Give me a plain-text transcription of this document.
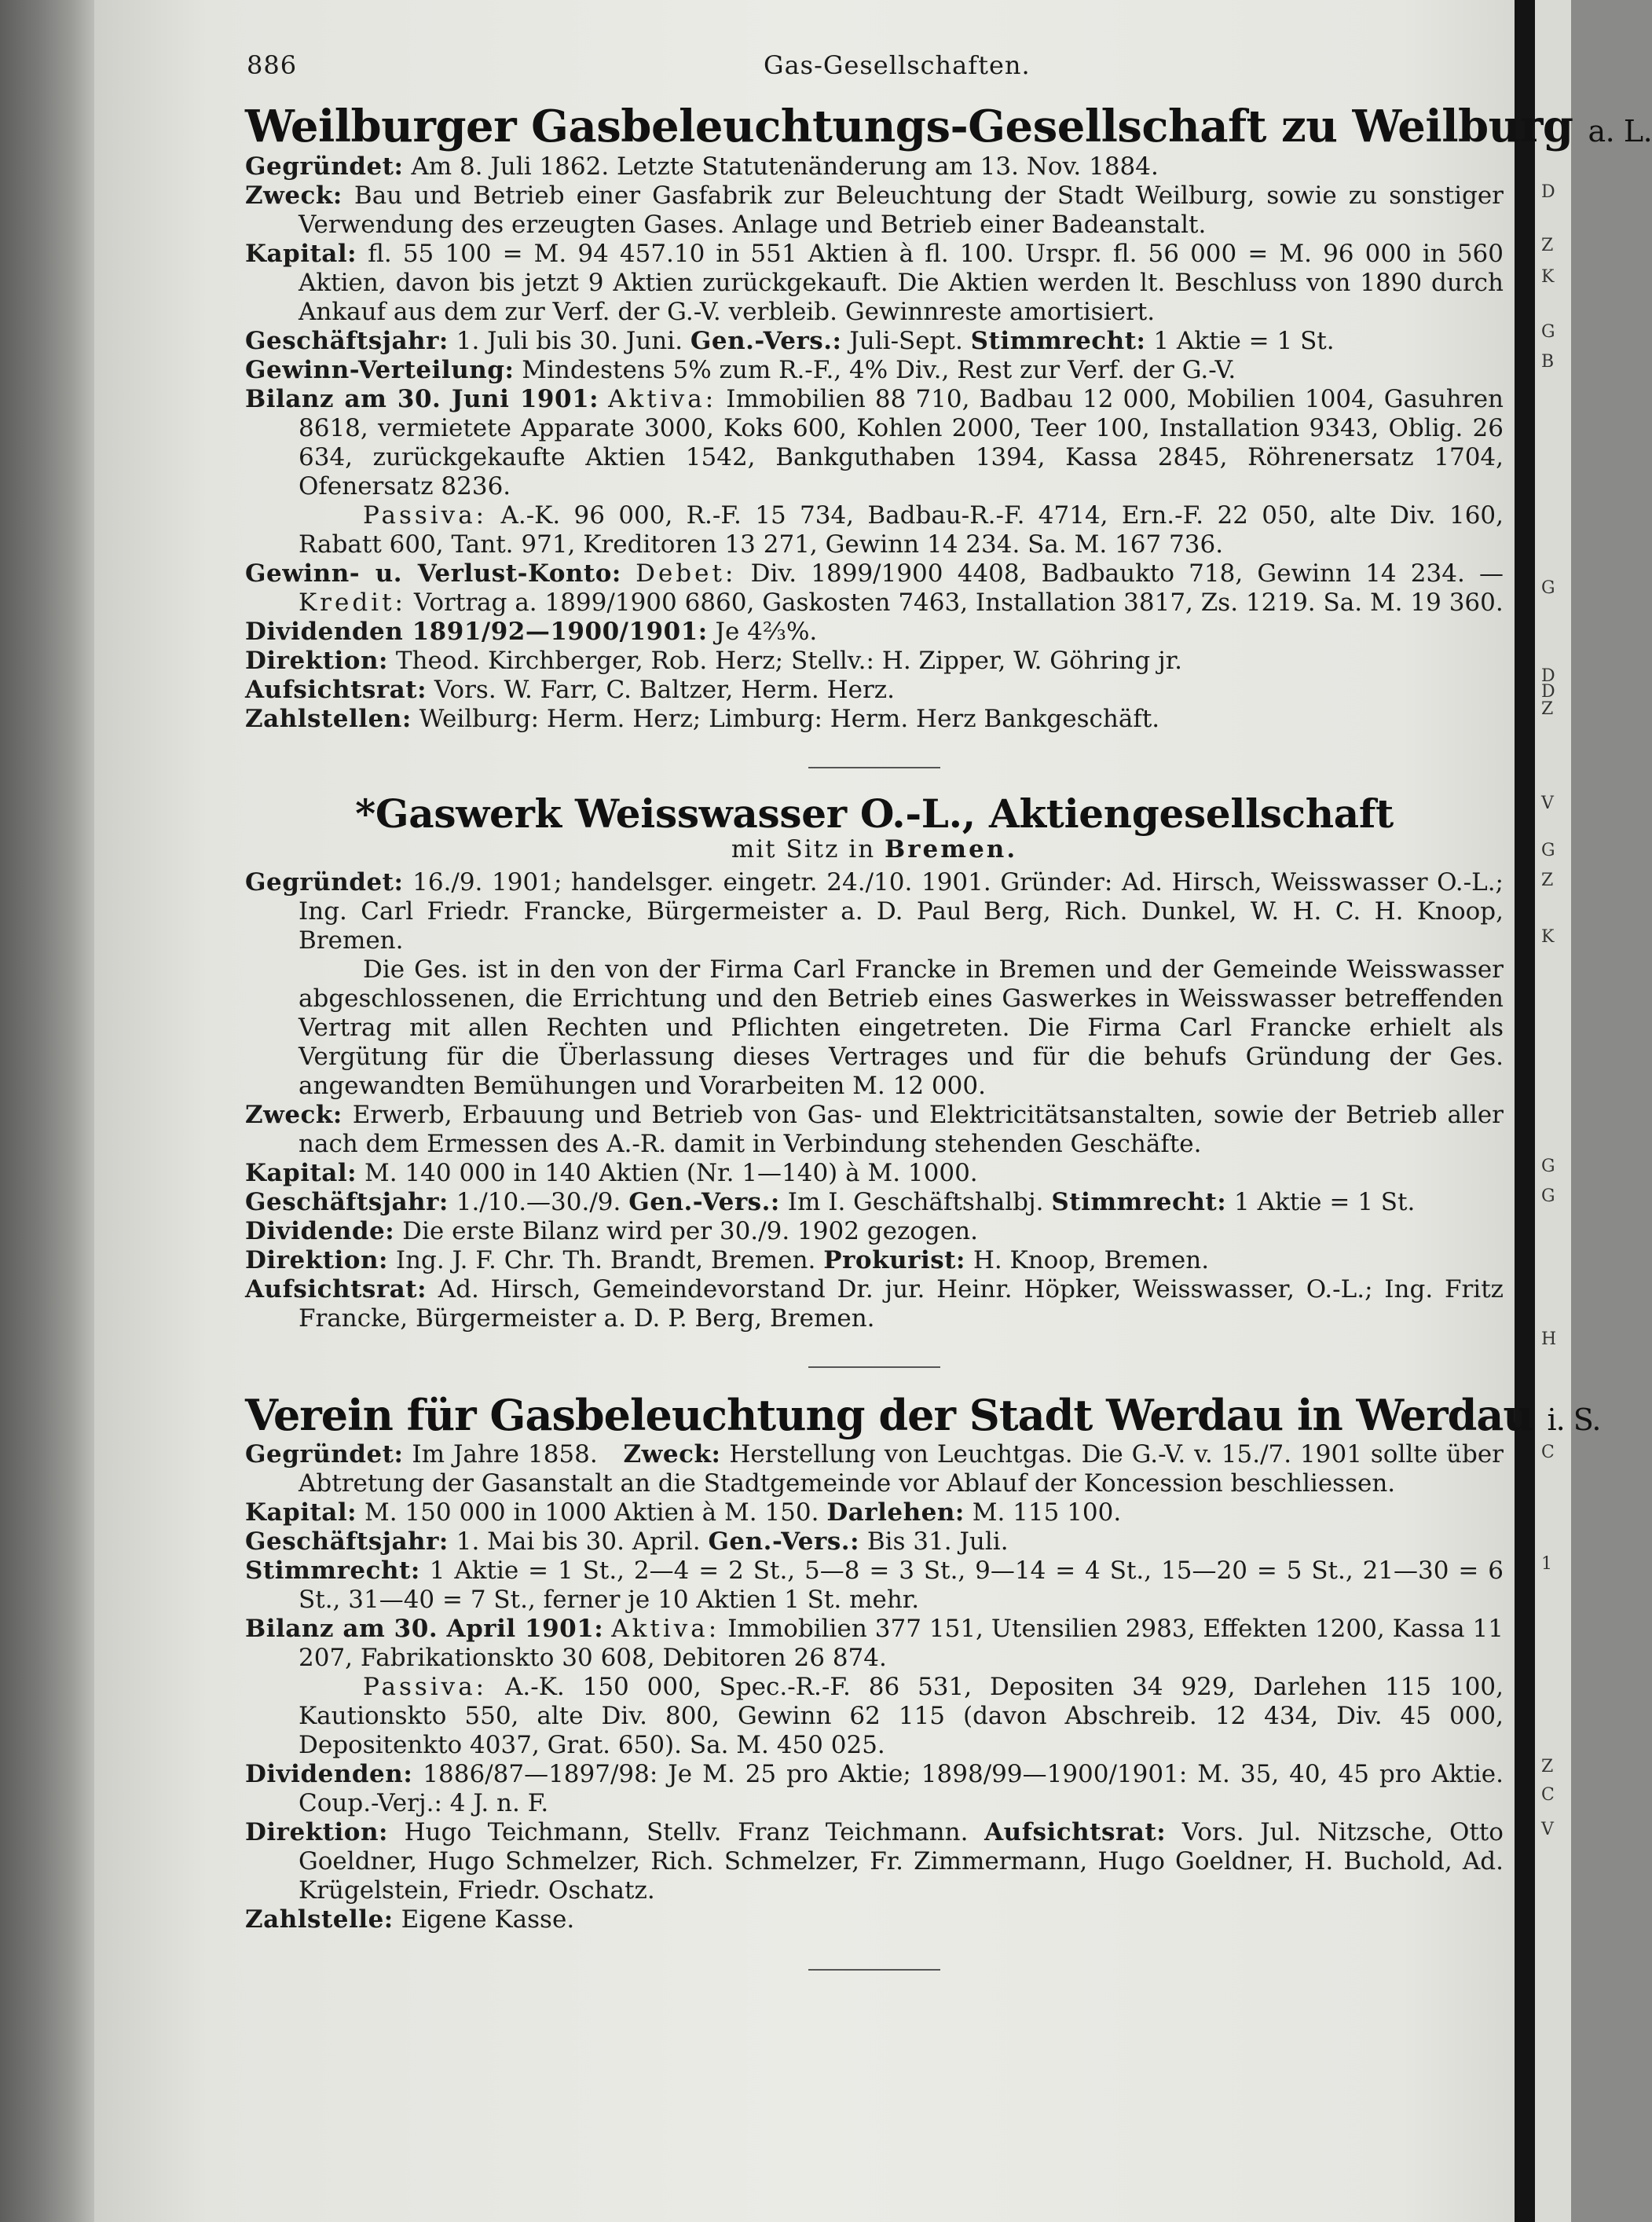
D
Z
K
G
B
G
D
D
Z
V
G
Z
K
G
G
H
C
1
Z
C
V
886	Gas-Gesellschaften.
Weilburger Gasbeleuchtungs-Gesellschaft zu Weilburg a. L.

Gegründet: Am 8. Juli 1862. Letzte Statutenänderung am 13. Nov. 1884.

Zweck: Bau und Betrieb einer Gasfabrik zur Beleuchtung der Stadt Weilburg, sowie zu sonstiger Verwendung des erzeugten Gases. Anlage und Betrieb einer Badeanstalt.

Kapital: fl. 55 100 = M. 94 457.10 in 551 Aktien à fl. 100. Urspr. fl. 56 000 = M. 96 000 in 560 Aktien, davon bis jetzt 9 Aktien zurückgekauft. Die Aktien werden lt. Beschluss von 1890 durch Ankauf aus dem zur Verf. der G.-V. verbleib. Gewinnreste amortisiert.

Geschäftsjahr: 1. Juli bis 30. Juni. Gen.-Vers.: Juli-Sept. Stimmrecht: 1 Aktie = 1 St.

Gewinn-Verteilung: Mindestens 5% zum R.-F., 4% Div., Rest zur Verf. der G.-V.

Bilanz am 30. Juni 1901: Aktiva: Immobilien 88 710, Badbau 12 000, Mobilien 1004, Gasuhren 8618, vermietete Apparate 3000, Koks 600, Kohlen 2000, Teer 100, Installation 9343, Oblig. 26 634, zurückgekaufte Aktien 1542, Bankguthaben 1394, Kassa 2845, Röhrenersatz 1704, Ofenersatz 8236.

Passiva: A.-K. 96 000, R.-F. 15 734, Badbau-R.-F. 4714, Ern.-F. 22 050, alte Div. 160, Rabatt 600, Tant. 971, Kreditoren 13 271, Gewinn 14 234. Sa. M. 167 736.

Gewinn- u. Verlust-Konto: Debet: Div. 1899/1900 4408, Badbaukto 718, Gewinn 14 234. — Kredit: Vortrag a. 1899/1900 6860, Gaskosten 7463, Installation 3817, Zs. 1219. Sa. M. 19 360.

Dividenden 1891/92—1900/1901: Je 4⅔%.

Direktion: Theod. Kirchberger, Rob. Herz; Stellv.: H. Zipper, W. Göhring jr.

Aufsichtsrat: Vors. W. Farr, C. Baltzer, Herm. Herz.

Zahlstellen: Weilburg: Herm. Herz; Limburg: Herm. Herz Bankgeschäft.

*Gaswerk Weisswasser O.-L., Aktiengesellschaft
mit Sitz in Bremen.

Gegründet: 16./9. 1901; handelsger. eingetr. 24./10. 1901. Gründer: Ad. Hirsch, Weisswasser O.-L.; Ing. Carl Friedr. Francke, Bürgermeister a. D. Paul Berg, Rich. Dunkel, W. H. C. H. Knoop, Bremen.

Die Ges. ist in den von der Firma Carl Francke in Bremen und der Gemeinde Weisswasser abgeschlossenen, die Errichtung und den Betrieb eines Gaswerkes in Weisswasser betreffenden Vertrag mit allen Rechten und Pflichten eingetreten. Die Firma Carl Francke erhielt als Vergütung für die Überlassung dieses Vertrages und für die behufs Gründung der Ges. angewandten Bemühungen und Vorarbeiten M. 12 000.

Zweck: Erwerb, Erbauung und Betrieb von Gas- und Elektricitätsanstalten, sowie der Betrieb aller nach dem Ermessen des A.-R. damit in Verbindung stehenden Geschäfte.

Kapital: M. 140 000 in 140 Aktien (Nr. 1—140) à M. 1000.

Geschäftsjahr: 1./10.—30./9. Gen.-Vers.: Im I. Geschäftshalbj. Stimmrecht: 1 Aktie = 1 St.

Dividende: Die erste Bilanz wird per 30./9. 1902 gezogen.

Direktion: Ing. J. F. Chr. Th. Brandt, Bremen. Prokurist: H. Knoop, Bremen.

Aufsichtsrat: Ad. Hirsch, Gemeindevorstand Dr. jur. Heinr. Höpker, Weisswasser, O.-L.; Ing. Fritz Francke, Bürgermeister a. D. P. Berg, Bremen.

Verein für Gasbeleuchtung der Stadt Werdau in Werdau i. S.

Gegründet: Im Jahre 1858. Zweck: Herstellung von Leuchtgas. Die G.-V. v. 15./7. 1901 sollte über Abtretung der Gasanstalt an die Stadtgemeinde vor Ablauf der Koncession beschliessen.

Kapital: M. 150 000 in 1000 Aktien à M. 150. Darlehen: M. 115 100.

Geschäftsjahr: 1. Mai bis 30. April. Gen.-Vers.: Bis 31. Juli.

Stimmrecht: 1 Aktie = 1 St., 2—4 = 2 St., 5—8 = 3 St., 9—14 = 4 St., 15—20 = 5 St., 21—30 = 6 St., 31—40 = 7 St., ferner je 10 Aktien 1 St. mehr.

Bilanz am 30. April 1901: Aktiva: Immobilien 377 151, Utensilien 2983, Effekten 1200, Kassa 11 207, Fabrikationskto 30 608, Debitoren 26 874.

Passiva: A.-K. 150 000, Spec.-R.-F. 86 531, Depositen 34 929, Darlehen 115 100, Kautionskto 550, alte Div. 800, Gewinn 62 115 (davon Abschreib. 12 434, Div. 45 000, Depositenkto 4037, Grat. 650). Sa. M. 450 025.

Dividenden: 1886/87—1897/98: Je M. 25 pro Aktie; 1898/99—1900/1901: M. 35, 40, 45 pro Aktie. Coup.-Verj.: 4 J. n. F.

Direktion: Hugo Teichmann, Stellv. Franz Teichmann. Aufsichtsrat: Vors. Jul. Nitzsche, Otto Goeldner, Hugo Schmelzer, Rich. Schmelzer, Fr. Zimmermann, Hugo Goeldner, H. Buchold, Ad. Krügelstein, Friedr. Oschatz.

Zahlstelle: Eigene Kasse.
